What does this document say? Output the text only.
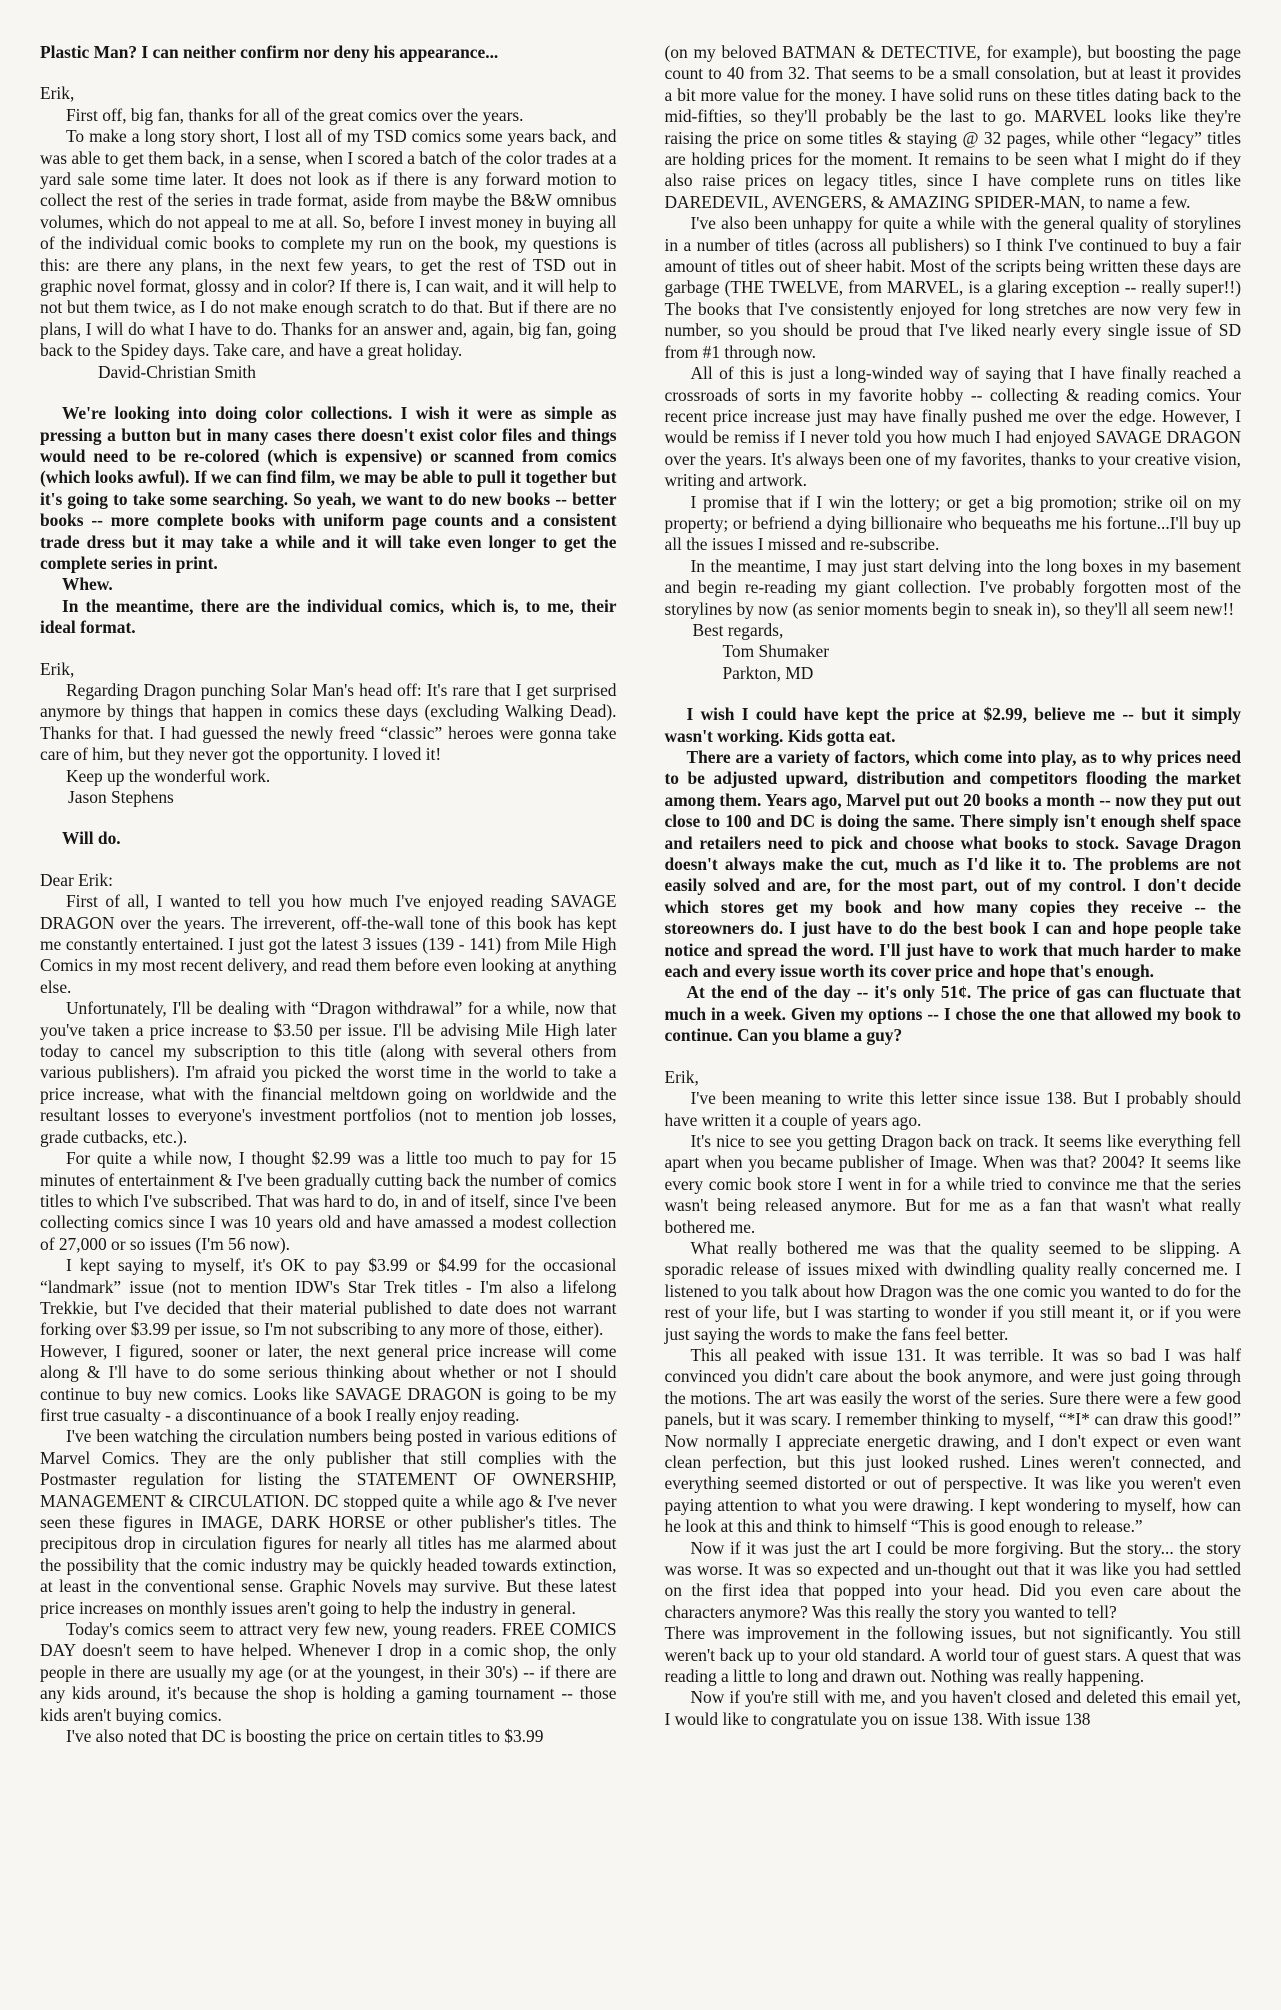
Plastic Man? I can neither confirm nor deny his appearance...

Erik,

First off, big fan, thanks for all of the great comics over the years.

To make a long story short, I lost all of my TSD comics some years back, and was able to get them back, in a sense, when I scored a batch of the color trades at a yard sale some time later. It does not look as if there is any forward motion to collect the rest of the series in trade format, aside from maybe the B&W omnibus volumes, which do not appeal to me at all. So, before I invest money in buying all of the individual comic books to complete my run on the book, my questions is this: are there any plans, in the next few years, to get the rest of TSD out in graphic novel format, glossy and in color? If there is, I can wait, and it will help to not but them twice, as I do not make enough scratch to do that. But if there are no plans, I will do what I have to do. Thanks for an answer and, again, big fan, going back to the Spidey days. Take care, and have a great holiday.

David-Christian Smith

We're looking into doing color collections. I wish it were as simple as pressing a button but in many cases there doesn't exist color files and things would need to be re-colored (which is expensive) or scanned from comics (which looks awful). If we can find film, we may be able to pull it together but it's going to take some searching. So yeah, we want to do new books -- better books -- more complete books with uniform page counts and a consistent trade dress but it may take a while and it will take even longer to get the complete series in print.

Whew.

In the meantime, there are the individual comics, which is, to me, their ideal format.

Erik,

Regarding Dragon punching Solar Man's head off: It's rare that I get surprised anymore by things that happen in comics these days (excluding Walking Dead). Thanks for that. I had guessed the newly freed “classic” heroes were gonna take care of him, but they never got the opportunity. I loved it!

Keep up the wonderful work.

Jason Stephens

Will do.

Dear Erik:

First of all, I wanted to tell you how much I've enjoyed reading SAVAGE DRAGON over the years. The irreverent, off-the-wall tone of this book has kept me constantly entertained. I just got the latest 3 issues (139 - 141) from Mile High Comics in my most recent delivery, and read them before even looking at anything else.

Unfortunately, I'll be dealing with “Dragon withdrawal” for a while, now that you've taken a price increase to $3.50 per issue. I'll be advising Mile High later today to cancel my subscription to this title (along with several others from various publishers). I'm afraid you picked the worst time in the world to take a price increase, what with the financial meltdown going on worldwide and the resultant losses to everyone's investment portfolios (not to mention job losses, grade cutbacks, etc.).

For quite a while now, I thought $2.99 was a little too much to pay for 15 minutes of entertainment & I've been gradually cutting back the number of comics titles to which I've subscribed. That was hard to do, in and of itself, since I've been collecting comics since I was 10 years old and have amassed a modest collection of 27,000 or so issues (I'm 56 now).

I kept saying to myself, it's OK to pay $3.99 or $4.99 for the occasional “landmark” issue (not to mention IDW's Star Trek titles - I'm also a lifelong Trekkie, but I've decided that their material published to date does not warrant forking over $3.99 per issue, so I'm not subscribing to any more of those, either).

However, I figured, sooner or later, the next general price increase will come along & I'll have to do some serious thinking about whether or not I should continue to buy new comics. Looks like SAVAGE DRAGON is going to be my first true casualty - a discontinuance of a book I really enjoy reading.

I've been watching the circulation numbers being posted in various editions of Marvel Comics. They are the only publisher that still complies with the Postmaster regulation for listing the STATEMENT OF OWNERSHIP, MANAGEMENT & CIRCULATION. DC stopped quite a while ago & I've never seen these figures in IMAGE, DARK HORSE or other publisher's titles. The precipitous drop in circulation figures for nearly all titles has me alarmed about the possibility that the comic industry may be quickly headed towards extinction, at least in the conventional sense. Graphic Novels may survive. But these latest price increases on monthly issues aren't going to help the industry in general.

Today's comics seem to attract very few new, young readers. FREE COMICS DAY doesn't seem to have helped. Whenever I drop in a comic shop, the only people in there are usually my age (or at the youngest, in their 30's) -- if there are any kids around, it's because the shop is holding a gaming tournament -- those kids aren't buying comics.

I've also noted that DC is boosting the price on certain titles to $3.99

(on my beloved BATMAN & DETECTIVE, for example), but boosting the page count to 40 from 32. That seems to be a small consolation, but at least it provides a bit more value for the money. I have solid runs on these titles dating back to the mid-fifties, so they'll probably be the last to go. MARVEL looks like they're raising the price on some titles & staying @ 32 pages, while other “legacy” titles are holding prices for the moment. It remains to be seen what I might do if they also raise prices on legacy titles, since I have complete runs on titles like DAREDEVIL, AVENGERS, & AMAZING SPIDER-MAN, to name a few.

I've also been unhappy for quite a while with the general quality of storylines in a number of titles (across all publishers) so I think I've continued to buy a fair amount of titles out of sheer habit. Most of the scripts being written these days are garbage (THE TWELVE, from MARVEL, is a glaring exception -- really super!!) The books that I've consistently enjoyed for long stretches are now very few in number, so you should be proud that I've liked nearly every single issue of SD from #1 through now.

All of this is just a long-winded way of saying that I have finally reached a crossroads of sorts in my favorite hobby -- collecting & reading comics. Your recent price increase just may have finally pushed me over the edge. However, I would be remiss if I never told you how much I had enjoyed SAVAGE DRAGON over the years. It's always been one of my favorites, thanks to your creative vision, writing and artwork.

I promise that if I win the lottery; or get a big promotion; strike oil on my property; or befriend a dying billionaire who bequeaths me his fortune...I'll buy up all the issues I missed and re-subscribe.

In the meantime, I may just start delving into the long boxes in my basement and begin re-reading my giant collection. I've probably forgotten most of the storylines by now (as senior moments begin to sneak in), so they'll all seem new!!

Best regards,

Tom Shumaker

Parkton, MD

I wish I could have kept the price at $2.99, believe me -- but it simply wasn't working. Kids gotta eat.

There are a variety of factors, which come into play, as to why prices need to be adjusted upward, distribution and competitors flooding the market among them. Years ago, Marvel put out 20 books a month -- now they put out close to 100 and DC is doing the same. There simply isn't enough shelf space and retailers need to pick and choose what books to stock. Savage Dragon doesn't always make the cut, much as I'd like it to. The problems are not easily solved and are, for the most part, out of my control. I don't decide which stores get my book and how many copies they receive -- the storeowners do. I just have to do the best book I can and hope people take notice and spread the word. I'll just have to work that much harder to make each and every issue worth its cover price and hope that's enough.

At the end of the day -- it's only 51¢. The price of gas can fluctuate that much in a week. Given my options -- I chose the one that allowed my book to continue. Can you blame a guy?

Erik,

I've been meaning to write this letter since issue 138. But I probably should have written it a couple of years ago.

It's nice to see you getting Dragon back on track. It seems like everything fell apart when you became publisher of Image. When was that? 2004? It seems like every comic book store I went in for a while tried to convince me that the series wasn't being released anymore. But for me as a fan that wasn't what really bothered me.

What really bothered me was that the quality seemed to be slipping. A sporadic release of issues mixed with dwindling quality really concerned me. I listened to you talk about how Dragon was the one comic you wanted to do for the rest of your life, but I was starting to wonder if you still meant it, or if you were just saying the words to make the fans feel better.

This all peaked with issue 131. It was terrible. It was so bad I was half convinced you didn't care about the book anymore, and were just going through the motions. The art was easily the worst of the series. Sure there were a few good panels, but it was scary. I remember thinking to myself, “*I* can draw this good!” Now normally I appreciate energetic drawing, and I don't expect or even want clean perfection, but this just looked rushed. Lines weren't connected, and everything seemed distorted or out of perspective. It was like you weren't even paying attention to what you were drawing. I kept wondering to myself, how can he look at this and think to himself “This is good enough to release.”

Now if it was just the art I could be more forgiving. But the story... the story was worse. It was so expected and un-thought out that it was like you had settled on the first idea that popped into your head. Did you even care about the characters anymore? Was this really the story you wanted to tell?

There was improvement in the following issues, but not significantly. You still weren't back up to your old standard. A world tour of guest stars. A quest that was reading a little to long and drawn out. Nothing was really happening.

Now if you're still with me, and you haven't closed and deleted this email yet, I would like to congratulate you on issue 138. With issue 138
